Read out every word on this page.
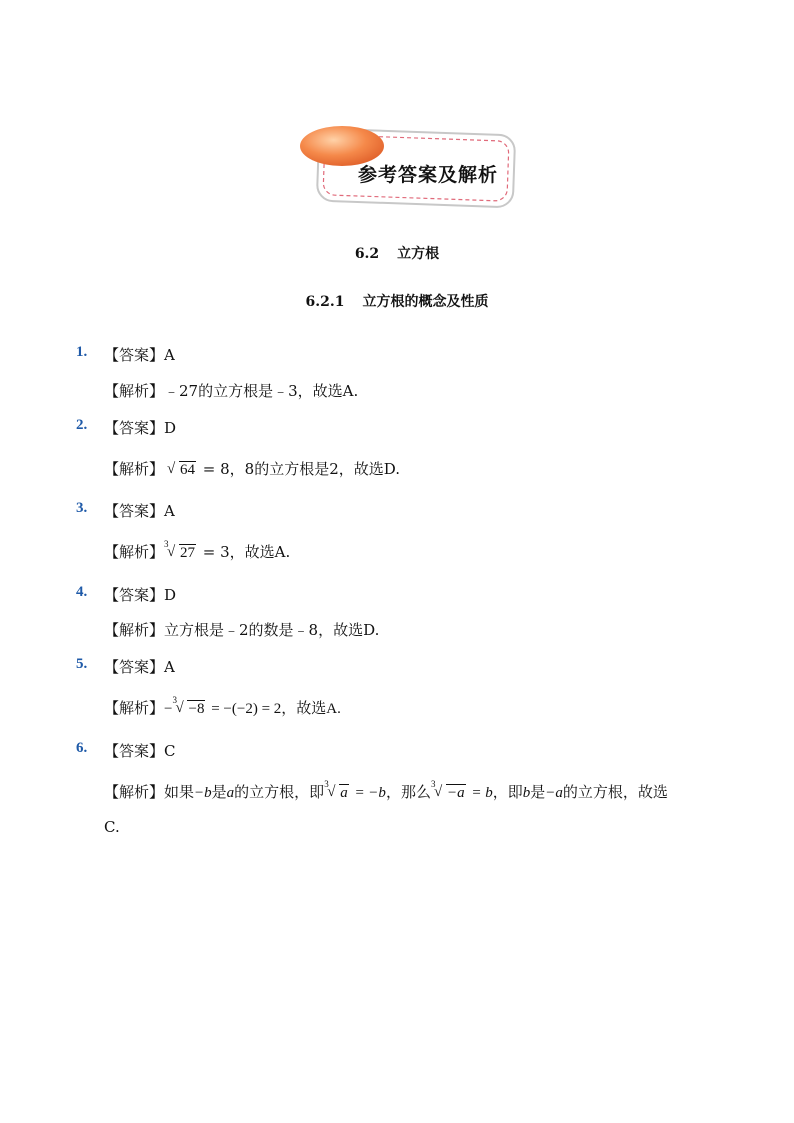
参考答案及解析
6.2 立方根
6.2.1 立方根的概念及性质
1. 【答案】A
【解析】﹣27的立方根是﹣3，故选A.
2. 【答案】D
【解析】 √ 64 = 8，8的立方根是2，故选D.
3. 【答案】A
【解析】 3
√ 27 = 3，故选A.
4. 【答案】D
【解析】立方根是﹣2的数是﹣8，故选D.
5. 【答案】A
【解析】−
3
√ −8 = −(−2) = 2，故选A.
6. 【答案】C
【解析】如果−b是a的立方根，即 3
√ a = −b，那么 3
√ −a = b，即b是−a的立方根，故选
C.
